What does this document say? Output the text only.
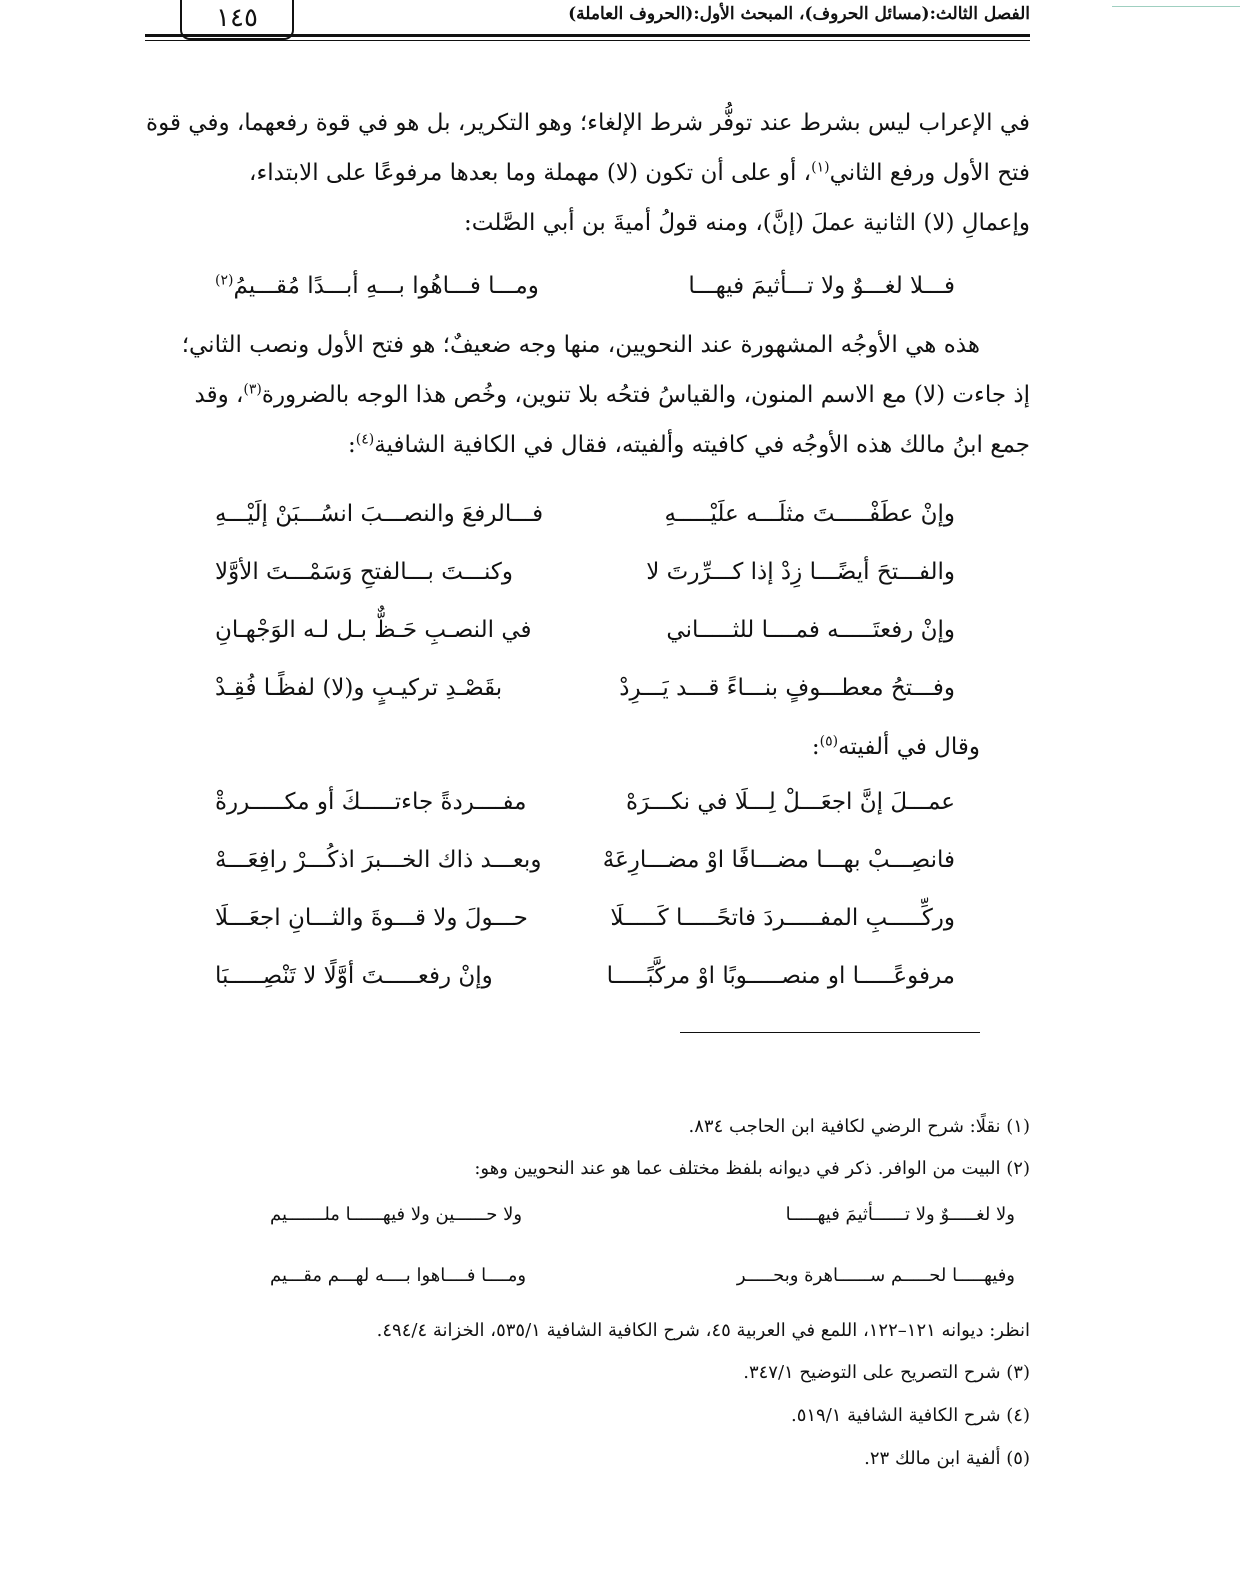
١٤٥	الفصل الثالث:(مسائل الحروف)، المبحث الأول:(الحروف العاملة)
في الإعراب ليس بشرط عند توفُّر شرط الإلغاء؛ وهو التكرير، بل هو في قوة رفعهما، وفي قوة
فتح الأول ورفع الثاني$^{(١)}$، أو على أن تكون (لا) مهملة وما بعدها مرفوعًا على الابتداء،
وإعمالِ (لا) الثانية عملَ (إنَّ)، ومنه قولُ أميةَ بن أبي الصَّلت:
فـــلا لغـــوٌ ولا تـــأثيمَ فيهـــا
ومـــا فـــاهُوا بـــهِ أبـــدًا مُقـــيمُ$^{(٢)}$
هذه هي الأوجُه المشهورة عند النحويين، منها وجه ضعيفٌ؛ هو فتح الأول ونصب الثاني؛
إذ جاءت (لا) مع الاسم المنون، والقياسُ فتحُه بلا تنوين، وخُص هذا الوجه بالضرورة$^{(٣)}$، وقد
جمع ابنُ مالك هذه الأوجُه في كافيته وألفيته، فقال في الكافية الشافية$^{(٤)}$:
وإنْ عطَفْـــــتَ مثلَـــه علَيْـــــهِ
فـــالرفعَ والنصـــبَ انسُـــبَنْ إلَيْـــهِ
والفـــتحَ أيضًـــا زِدْ إذا كـــرِّرتَ لا
وكنـــتَ بـــالفتحِ وَسَمْـــتَ الأوَّلا
وإنْ رفعتَـــــه فمــــا للثـــــاني
في النصـبِ حَـظٌّ بـل لـه الوَجْهـانِ
وفـــتحُ معطـــوفٍ بنـــاءً قـــد يَـــرِدْ
بقَصْـدِ تركيـبٍ و(لا) لفظًـا فُقِـدْ
وقال في ألفيته$^{(٥)}$:
عمـــلَ إنَّ اجعَـــلْ لِـــلَا في نكـــرَهْ
مفــــردةً جاءتـــــكَ أو مكـــــررةْ
فانصِـــبْ بهـــا مضـــافًا اوْ مضـــارِعَهْ
وبعـــد ذاك الخـــبرَ اذكُـــرْ رافِعَـــهْ
وركِّـــــبِ المفـــــردَ فاتحًـــــا كَـــــلَا
حـــولَ ولا قـــوةَ والثـــانِ اجعَـــلَا
مرفوعًـــــا او منصـــــوبًا اوْ مركَّبًـــــا
وإنْ رفعـــــتَ أوَّلًا لا تَنْصِـــــبَا
(١) نقلًا: شرح الرضي لكافية ابن الحاجب ٨٣٤.
(٢) البيت من الوافر. ذكر في ديوانه بلفظ مختلف عما هو عند النحويين وهو:
ولا لغـــــوٌ ولا تــــــأثيمَ فيهـــــا
ولا حــــــين ولا فيهــــــا ملـــــــيم
وفيهـــــا لحـــــم ســــــاهرة وبحـــــر
ومــــا فــــاهوا بــــه لهـــم مقـــيم
انظر: ديوانه ١٢١–١٢٢، اللمع في العربية ٤٥، شرح الكافية الشافية ٥٣٥/١، الخزانة ٤٩٤/٤.
(٣) شرح التصريح على التوضيح ٣٤٧/١.
(٤) شرح الكافية الشافية ٥١٩/١.
(٥) ألفية ابن مالك ٢٣.
